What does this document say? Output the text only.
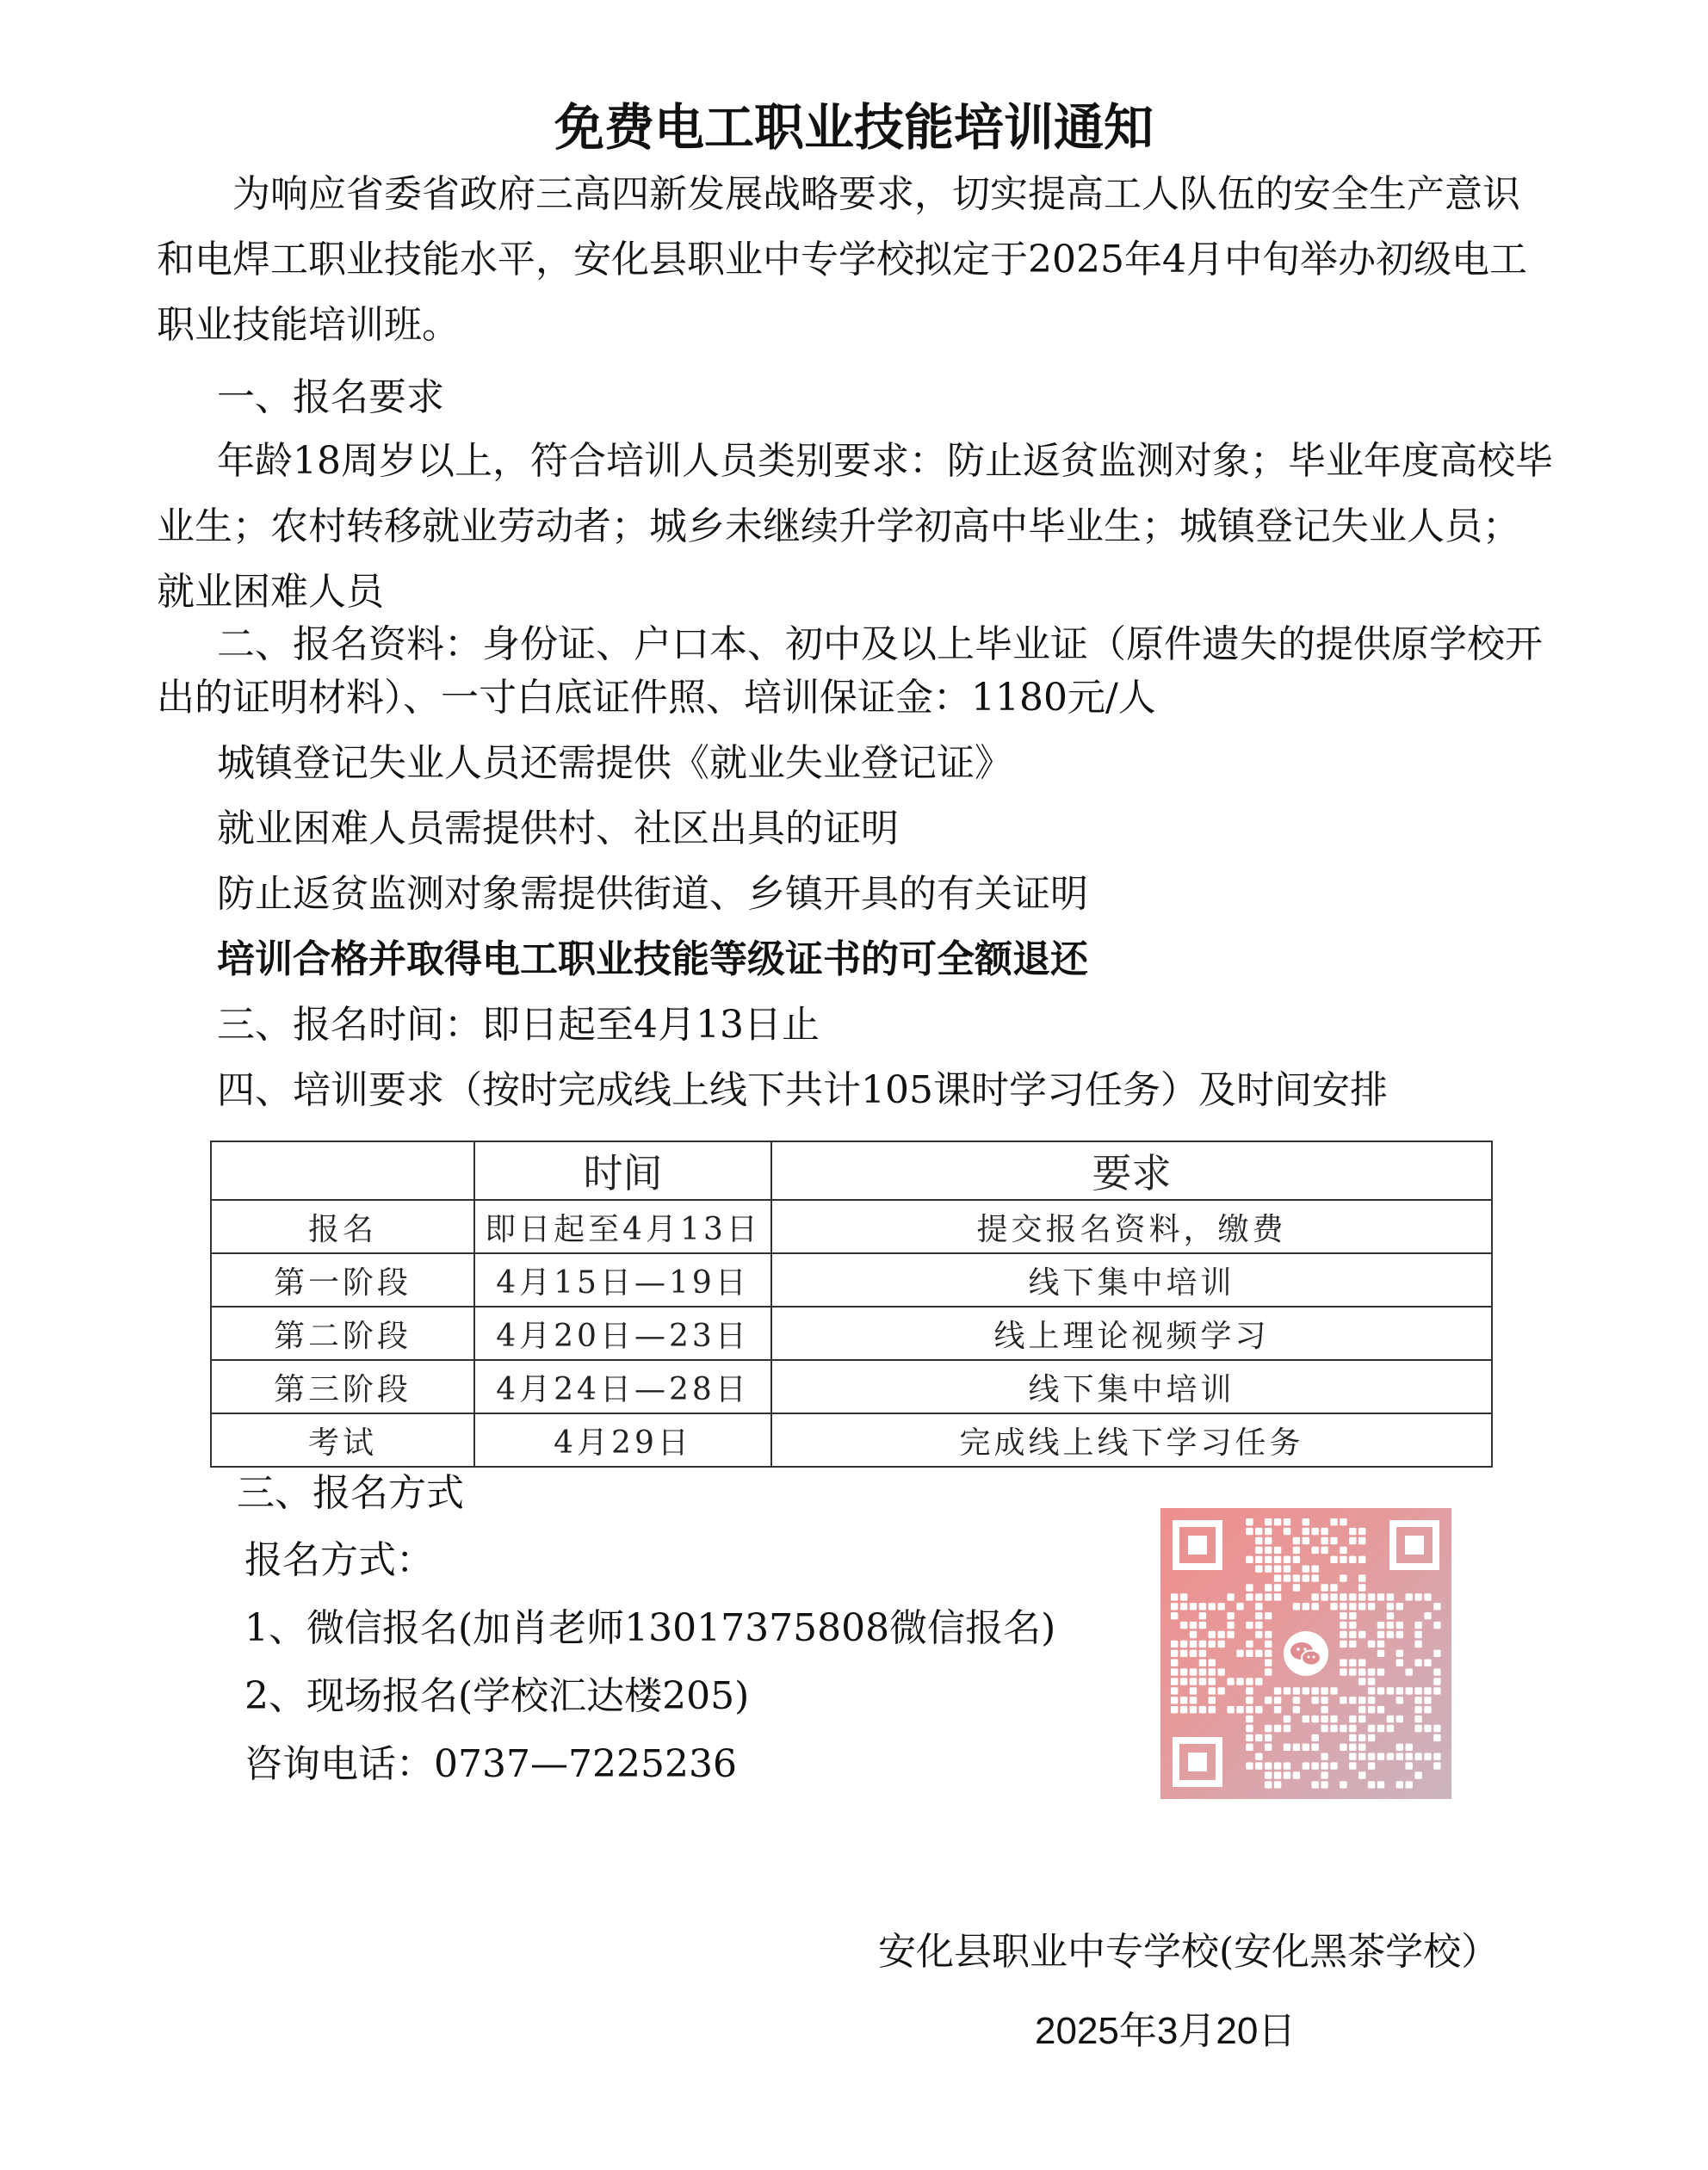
免费电工职业技能培训通知

为响应省委省政府三高四新发展战略要求，切实提高工人队伍的安全生产意识和电焊工职业技能水平，安化县职业中专学校拟定于2025年4月中旬举办初级电工职业技能培训班。

一、报名要求

年龄18周岁以上，符合培训人员类别要求：防止返贫监测对象；毕业年度高校毕业生；农村转移就业劳动者；城乡未继续升学初高中毕业生；城镇登记失业人员；就业困难人员

二、报名资料：身份证、户口本、初中及以上毕业证（原件遗失的提供原学校开出的证明材料）、一寸白底证件照、培训保证金：1180元/人

城镇登记失业人员还需提供《就业失业登记证》

就业困难人员需提供村、社区出具的证明

防止返贫监测对象需提供街道、乡镇开具的有关证明

培训合格并取得电工职业技能等级证书的可全额退还

三、报名时间：即日起至4月13日止

四、培训要求（按时完成线上线下共计105课时学习任务）及时间安排

	时间	要求
报名	即日起至4月13日	提交报名资料，缴费
第一阶段	4月15日—19日	线下集中培训
第二阶段	4月20日—23日	线上理论视频学习
第三阶段	4月24日—28日	线下集中培训
考试	4月29日	完成线上线下学习任务

三、报名方式

报名方式：

1、微信报名(加肖老师13017375808微信报名)

2、现场报名(学校汇达楼205)

咨询电话：0737—7225236

安化县职业中专学校(安化黑茶学校）

2025年3月20日
